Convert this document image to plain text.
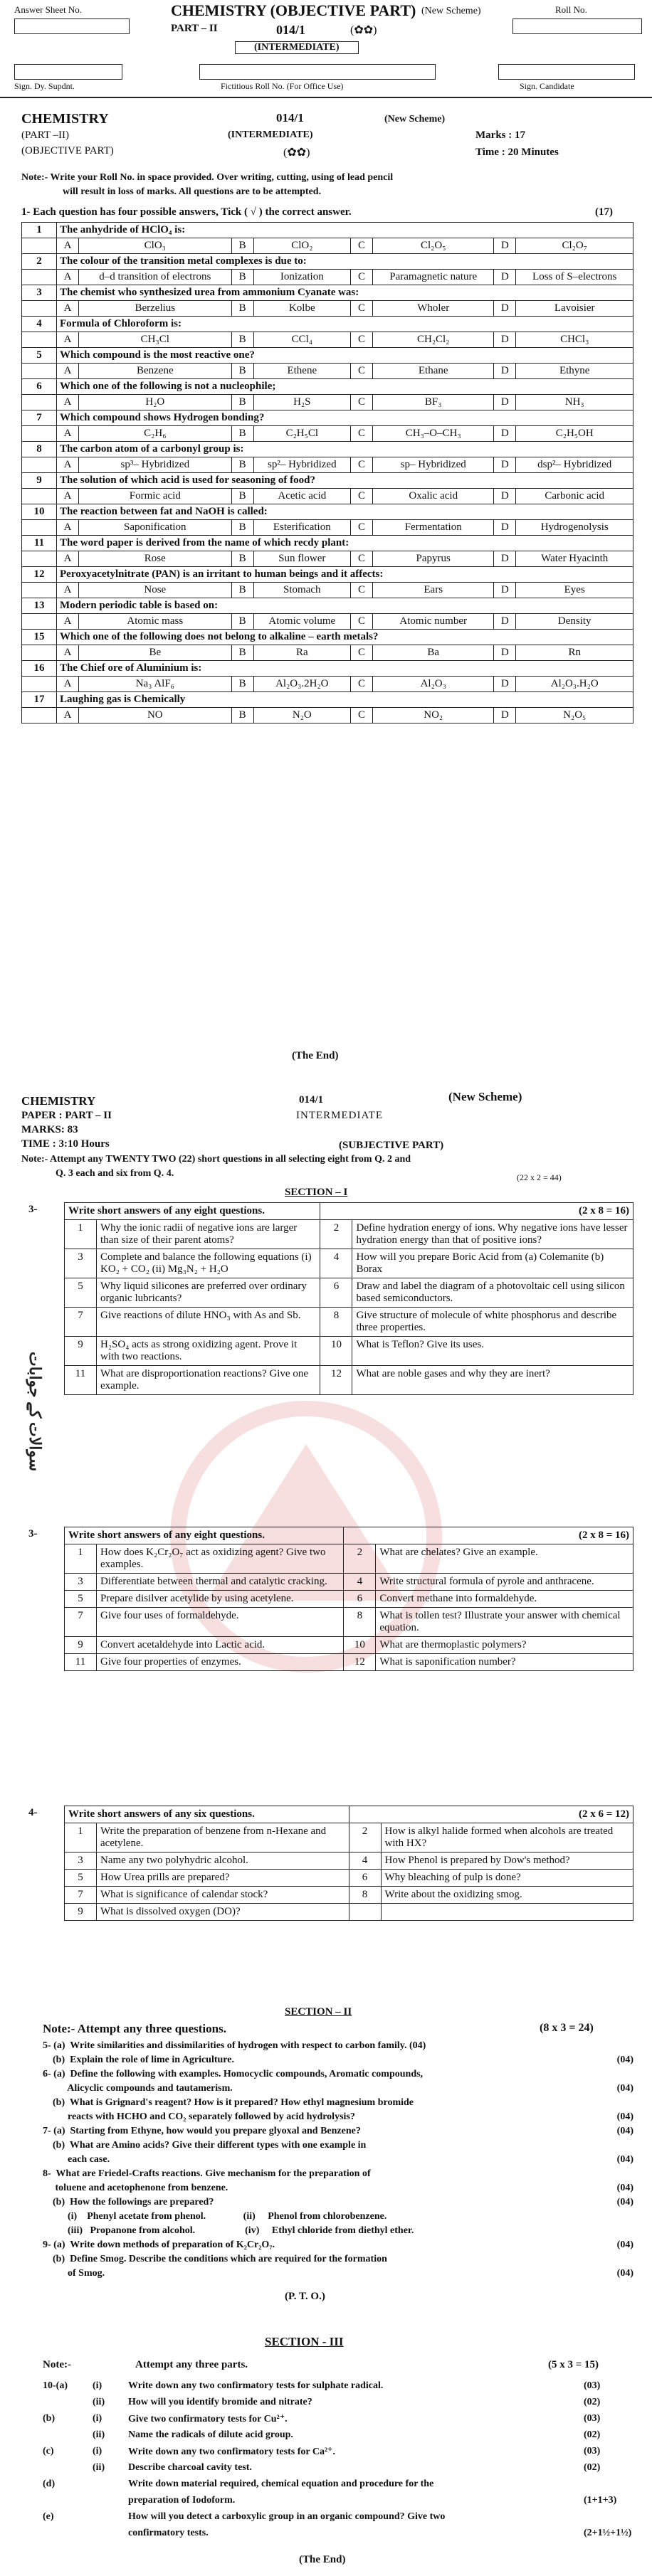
Answer Sheet No.	CHEMISTRY (OBJECTIVE PART) (New Scheme)	Roll No.
PART – II	014/1	(✿✿)
(INTERMEDIATE)
Sign. Dy. Supdnt.	Fictitious Roll No. (For Office Use)	Sign. Candidate
CHEMISTRY	014/1	(New Scheme)
(PART –II)	(INTERMEDIATE)	Marks : 17
(OBJECTIVE PART)	(✿✿)	Time : 20 Minutes
Note:- Write your Roll No. in space provided. Over writing, cutting, using of lead pencil
will result in loss of marks. All questions are to be attempted.
1- Each question has four possible answers, Tick ( √ ) the correct answer.	(17)
1	The anhydride of HClO₄ is:							
	A	ClO₃	B	ClO₂	C	Cl₂O₅	D	Cl₂O₇
2	The colour of the transition metal complexes is due to:							
	A	d–d transition of electrons	B	Ionization	C	Paramagnetic nature	D	Loss of S–electrons
3	The chemist who synthesized urea from ammonium Cyanate was:							
	A	Berzelius	B	Kolbe	C	Wholer	D	Lavoisier
4	Formula of Chloroform is:							
	A	CH₃Cl	B	CCl₄	C	CH₂Cl₂	D	CHCl₃
5	Which compound is the most reactive one?							
	A	Benzene	B	Ethene	C	Ethane	D	Ethyne
6	Which one of the following is not a nucleophile;							
	A	H₂O	B	H₂S	C	BF₃	D	NH₃
7	Which compound shows Hydrogen bonding?							
	A	C₂H₆	B	C₂H₅Cl	C	CH₃–O–CH₃	D	C₂H₅OH
8	The carbon atom of a carbonyl group is:							
	A	sp³– Hybridized	B	sp²– Hybridized	C	sp– Hybridized	D	dsp²– Hybridized
9	The solution of which acid is used for seasoning of food?							
	A	Formic acid	B	Acetic acid	C	Oxalic acid	D	Carbonic acid
10	The reaction between fat and NaOH is called:							
	A	Saponification	B	Esterification	C	Fermentation	D	Hydrogenolysis
11	The word paper is derived from the name of which recdy plant:							
	A	Rose	B	Sun flower	C	Papyrus	D	Water Hyacinth
12	Peroxyacetylnitrate (PAN) is an irritant to human beings and it affects:							
	A	Nose	B	Stomach	C	Ears	D	Eyes
13	Modern periodic table is based on:							
	A	Atomic mass	B	Atomic volume	C	Atomic number	D	Density
15	Which one of the following does not belong to alkaline – earth metals?							
	A	Be	B	Ra	C	Ba	D	Rn
16	The Chief ore of Aluminium is:							
	A	Na₃ AlF₆	B	Al₂O₃.2H₂O	C	Al₂O₃	D	Al₂O₃.H₂O
17	Laughing gas is Chemically							
	A	NO	B	N₂O	C	NO₂	D	N₂O₅
(The End)
CHEMISTRY	014/1	(New Scheme)
PAPER : PART – II	INTERMEDIATE
MARKS: 83
TIME : 3:10 Hours	(SUBJECTIVE PART)
Note:- Attempt any TWENTY TWO (22) short questions in all selecting eight from Q. 2 and
Q. 3 each and six from Q. 4.	(22 x 2 = 44)
SECTION – I
سوالات کے جوابات
3-	Write short answers of any eight questions.		(2 x 8 = 16)	
1	Why the ionic radii of negative ions are larger than size of their parent atoms?	2	Define hydration energy of ions. Why negative ions have lesser hydration energy than that of positive ions?
3	Complete and balance the following equations (i) KO₂ + CO₂ (ii) Mg₃N₂ + H₂O	4	How will you prepare Boric Acid from (a) Colemanite (b) Borax
5	Why liquid silicones are preferred over ordinary organic lubricants?	6	Draw and label the diagram of a photovoltaic cell using silicon based semiconductors.
7	Give reactions of dilute HNO₃ with As and Sb.	8	Give structure of molecule of white phosphorus and describe three properties.
9	H₂SO₄ acts as strong oxidizing agent. Prove it with two reactions.	10	What is Teflon? Give its uses.
11	What are disproportionation reactions? Give one example.	12	What are noble gases and why they are inert?
3-	Write short answers of any eight questions.		(2 x 8 = 16)	
1	How does K₂Cr₂O₇ act as oxidizing agent? Give two examples.	2	What are chelates? Give an example.
3	Differentiate between thermal and catalytic cracking.	4	Write structural formula of pyrole and anthracene.
5	Prepare disilver acetylide by using acetylene.	6	Convert methane into formaldehyde.
7	Give four uses of formaldehyde.	8	What is tollen test? Illustrate your answer with chemical equation.
9	Convert acetaldehyde into Lactic acid.	10	What are thermoplastic polymers?
11	Give four properties of enzymes.	12	What is saponification number?
4-	Write short answers of any six questions.		(2 x 6 = 12)	
1	Write the preparation of benzene from n-Hexane and acetylene.	2	How is alkyl halide formed when alcohols are treated with HX?
3	Name any two polyhydric alcohol.	4	How Phenol is prepared by Dow's method?
5	How Urea prills are prepared?	6	Why bleaching of pulp is done?
7	What is significance of calendar stock?	8	Write about the oxidizing smog.
9	What is dissolved oxygen (DO)?		
SECTION – II
Note:- Attempt any three questions.	(8 x 3 = 24)
5- (a)  Write similarities and dissimilarities of hydrogen with respect to carbon family. (04)
(b)  Explain the role of lime in Agriculture.	(04)
6- (a)  Define the following with examples. Homocyclic compounds, Aromatic compounds,
Alicyclic compounds and tautamerism.	(04)
(b)  What is Grignard's reagent? How is it prepared? How ethyl magnesium bromide
reacts with HCHO and CO₂ separately followed by acid hydrolysis?	(04)
7- (a)  Starting from Ethyne, how would you prepare glyoxal and Benzene?	(04)
(b)  What are Amino acids? Give their different types with one example in
each case.	(04)
8-  What are Friedel-Crafts reactions. Give mechanism for the preparation of
toluene and acetophenone from benzene.	(04)
(b)  How the followings are prepared?	(04)
(i)    Phenyl acetate from phenol.               (ii)     Phenol from chlorobenzene.
(iii)   Propanone from alcohol.                    (iv)     Ethyl chloride from diethyl ether.
9- (a)  Write down methods of preparation of K₂Cr₂O₇.	(04)
(b)  Define Smog. Describe the conditions which are required for the formation
of Smog.	(04)
(P. T. O.)
SECTION - III
Note:-	Attempt any three parts.	(5 x 3 = 15)
10-(a)	(i)	Write down any two confirmatory tests for sulphate radical.	(03)
(ii) How will you identify bromide and nitrate?	(02)
(b)	(i)	Give two confirmatory tests for Cu²⁺.	(03)
(ii) Name the radicals of dilute acid group.	(02)
(c)	(i)	Write down any two confirmatory tests for Ca²⁺.	(03)
(ii) Describe charcoal cavity test.	(02)
(d)	Write down material required, chemical equation and procedure for the
preparation of Iodoform.	(1+1+3)
(e)	How will you detect a carboxylic group in an organic compound? Give two
confirmatory tests.	(2+1½+1½)
(The End)
